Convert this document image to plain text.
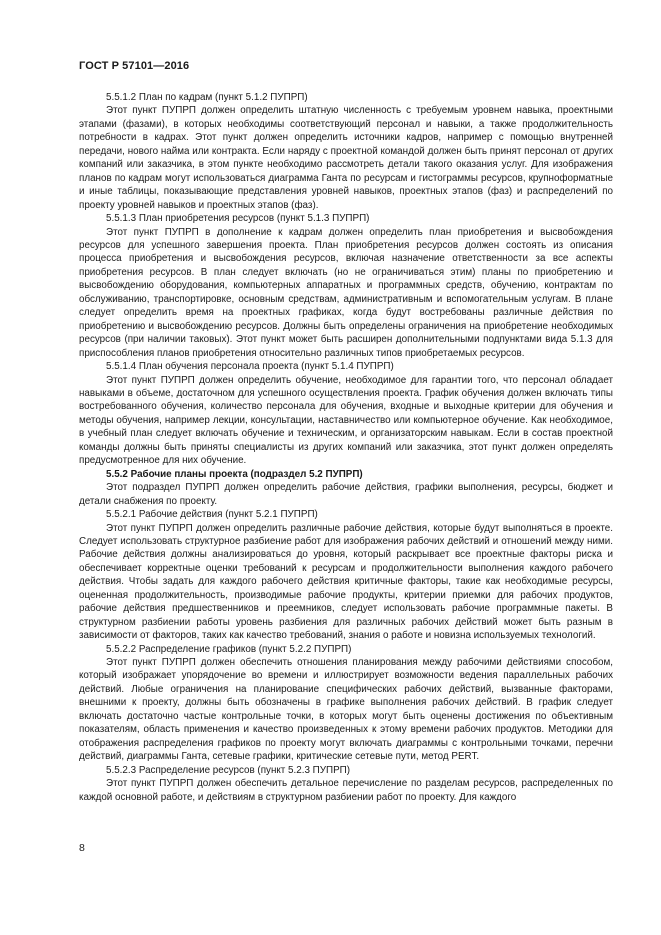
ГОСТ Р 57101—2016

5.5.1.2 План по кадрам (пункт 5.1.2 ПУПРП)

Этот пункт ПУПРП должен определить штатную численность с требуемым уровнем навыка, проектными этапами (фазами), в которых необходимы соответствующий персонал и навыки, а также продолжительность потребности в кадрах. Этот пункт должен определить источники кадров, например с помощью внутренней передачи, нового найма или контракта. Если наряду с проектной командой должен быть принят персонал от других компаний или заказчика, в этом пункте необходимо рассмотреть детали такого оказания услуг. Для изображения планов по кадрам могут использоваться диаграмма Ганта по ресурсам и гистограммы ресурсов, крупноформатные и иные таблицы, показывающие представления уровней навыков, проектных этапов (фаз) и распределений по проекту уровней навыков и проектных этапов (фаз).

5.5.1.3 План приобретения ресурсов (пункт 5.1.3 ПУПРП)

Этот пункт ПУПРП в дополнение к кадрам должен определить план приобретения и высвобождения ресурсов для успешного завершения проекта. План приобретения ресурсов должен состоять из описания процесса приобретения и высвобождения ресурсов, включая назначение ответственности за все аспекты приобретения ресурсов. В план следует включать (но не ограничиваться этим) планы по приобретению и высвобождению оборудования, компьютерных аппаратных и программных средств, обучению, контрактам по обслуживанию, транспортировке, основным средствам, административным и вспомогательным услугам. В плане следует определить время на проектных графиках, когда будут востребованы различные действия по приобретению и высвобождению ресурсов. Должны быть определены ограничения на приобретение необходимых ресурсов (при наличии таковых). Этот пункт может быть расширен дополнительными подпунктами вида 5.1.3 для приспособления планов приобретения относительно различных типов приобретаемых ресурсов.

5.5.1.4 План обучения персонала проекта (пункт 5.1.4 ПУПРП)

Этот пункт ПУПРП должен определить обучение, необходимое для гарантии того, что персонал обладает навыками в объеме, достаточном для успешного осуществления проекта. График обучения должен включать типы востребованного обучения, количество персонала для обучения, входные и выходные критерии для обучения и методы обучения, например лекции, консультации, наставничество или компьютерное обучение. Как необходимое, в учебный план следует включать обучение и техническим, и организаторским навыкам. Если в состав проектной команды должны быть приняты специалисты из других компаний или заказчика, этот пункт должен определять предусмотренное для них обучение.

5.5.2 Рабочие планы проекта (подраздел 5.2 ПУПРП)

Этот подраздел ПУПРП должен определить рабочие действия, графики выполнения, ресурсы, бюджет и детали снабжения по проекту.

5.5.2.1 Рабочие действия (пункт 5.2.1 ПУПРП)

Этот пункт ПУПРП должен определить различные рабочие действия, которые будут выполняться в проекте. Следует использовать структурное разбиение работ для изображения рабочих действий и отношений между ними. Рабочие действия должны анализироваться до уровня, который раскрывает все проектные факторы риска и обеспечивает корректные оценки требований к ресурсам и продолжительности выполнения каждого рабочего действия. Чтобы задать для каждого рабочего действия критичные факторы, такие как необходимые ресурсы, оцененная продолжительность, производимые рабочие продукты, критерии приемки для рабочих продуктов, рабочие действия предшественников и преемников, следует использовать рабочие программные пакеты. В структурном разбиении работы уровень разбиения для различных рабочих действий может быть разным в зависимости от факторов, таких как качество требований, знания о работе и новизна используемых технологий.

5.5.2.2 Распределение графиков (пункт 5.2.2 ПУПРП)

Этот пункт ПУПРП должен обеспечить отношения планирования между рабочими действиями способом, который изображает упорядочение во времени и иллюстрирует возможности ведения параллельных рабочих действий. Любые ограничения на планирование специфических рабочих действий, вызванные факторами, внешними к проекту, должны быть обозначены в графике выполнения рабочих действий. В график следует включать достаточно частые контрольные точки, в которых могут быть оценены достижения по объективным показателям, область применения и качество произведенных к этому времени рабочих продуктов. Методики для отображения распределения графиков по проекту могут включать диаграммы с контрольными точками, перечни действий, диаграммы Ганта, сетевые графики, критические сетевые пути, метод PERT.

5.5.2.3 Распределение ресурсов (пункт 5.2.3 ПУПРП)

Этот пункт ПУПРП должен обеспечить детальное перечисление по разделам ресурсов, распределенных по каждой основной работе, и действиям в структурном разбиении работ по проекту. Для каждого

8
